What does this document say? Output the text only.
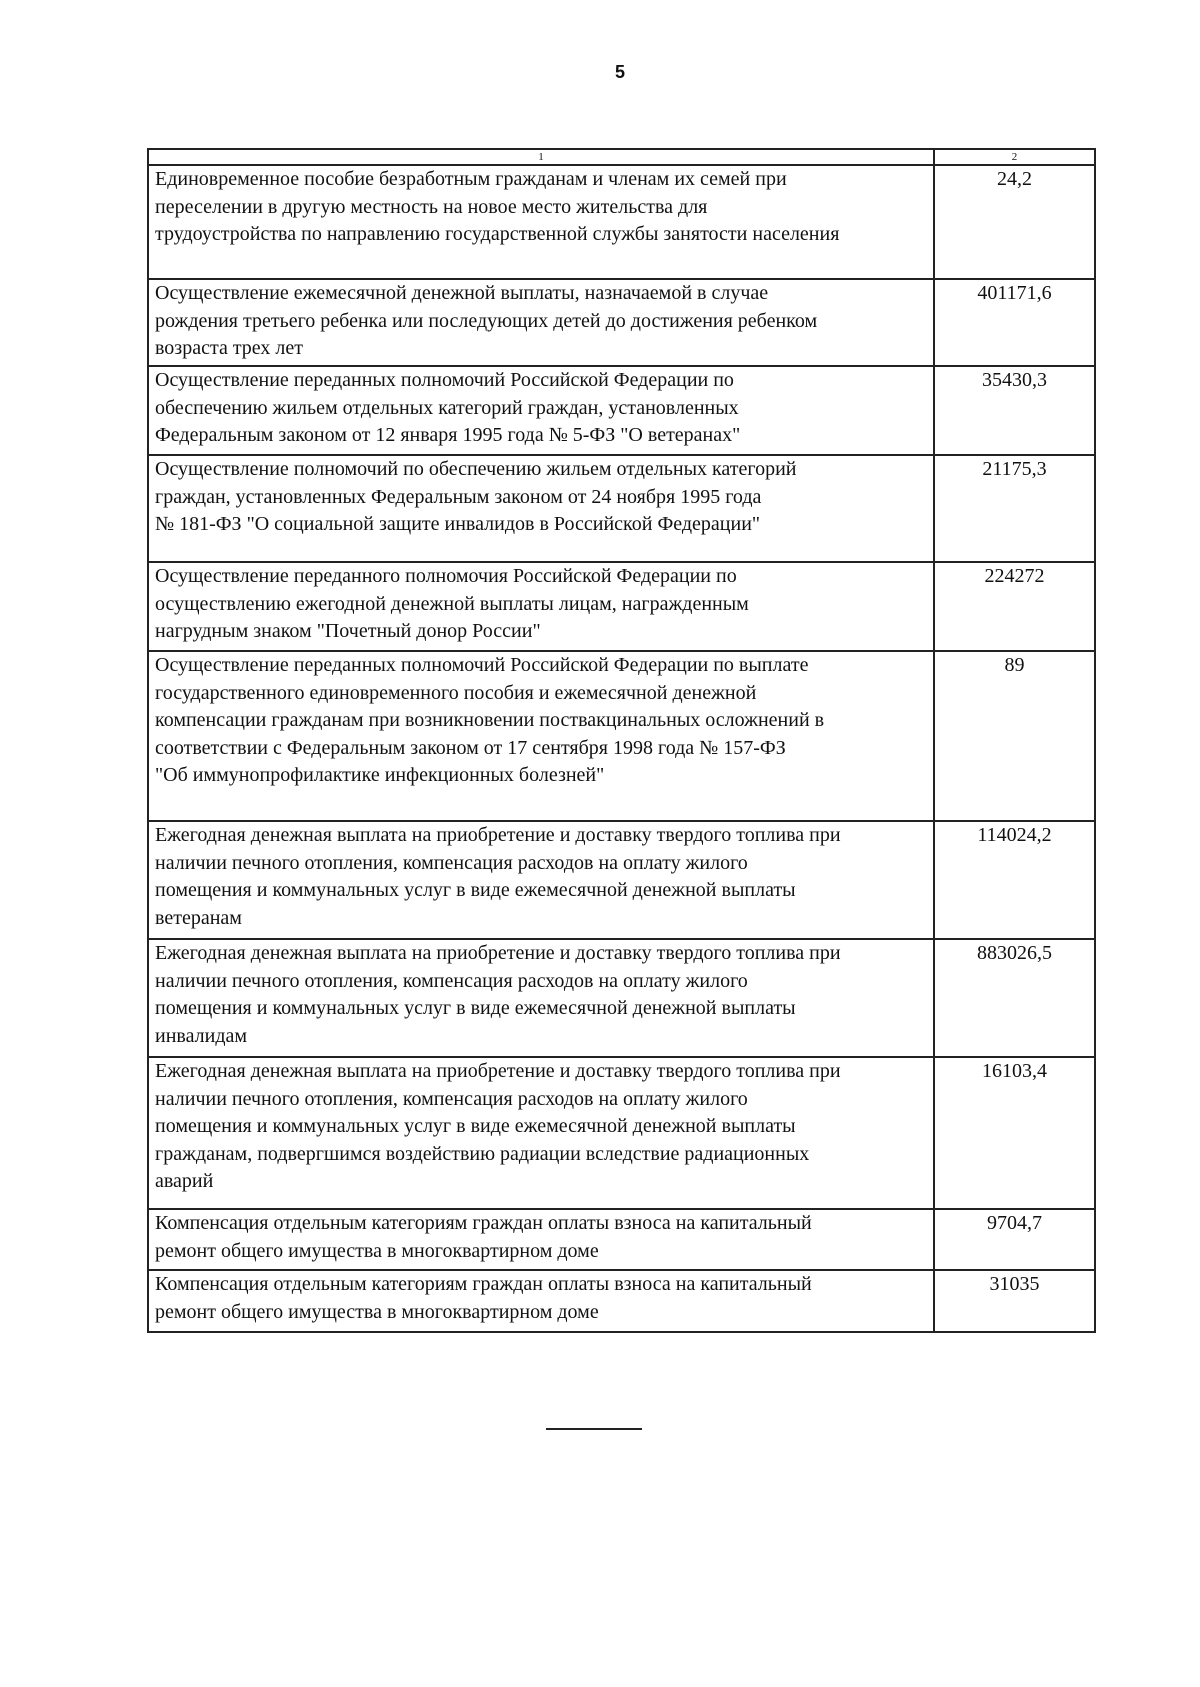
5
1	2

Единовременное пособие безработным гражданам и членам их семей при
переселении в другую местность на новое место жительства для
трудоустройства по направлению государственной службы занятости населения	24,2

Осуществление ежемесячной денежной выплаты, назначаемой в случае
рождения третьего ребенка или последующих детей до достижения ребенком
возраста трех лет	401171,6

Осуществление переданных полномочий Российской Федерации по
обеспечению жильем отдельных категорий граждан, установленных
Федеральным законом от 12 января 1995 года № 5-ФЗ "О ветеранах"	35430,3

Осуществление полномочий по обеспечению жильем отдельных категорий
граждан, установленных Федеральным законом от 24 ноября 1995 года
№ 181-ФЗ "О социальной защите инвалидов в Российской Федерации"	21175,3

Осуществление переданного полномочия Российской Федерации по
осуществлению ежегодной денежной выплаты лицам, награжденным
нагрудным знаком "Почетный донор России"	224272

Осуществление переданных полномочий Российской Федерации по выплате
государственного единовременного пособия и ежемесячной денежной
компенсации гражданам при возникновении поствакцинальных осложнений в
соответствии с Федеральным законом от 17 сентября 1998 года № 157-ФЗ
"Об иммунопрофилактике инфекционных болезней"	89

Ежегодная денежная выплата на приобретение и доставку твердого топлива при
наличии печного отопления, компенсация расходов на оплату жилого
помещения и коммунальных услуг в виде ежемесячной денежной выплаты
ветеранам	114024,2

Ежегодная денежная выплата на приобретение и доставку твердого топлива при
наличии печного отопления, компенсация расходов на оплату жилого
помещения и коммунальных услуг в виде ежемесячной денежной выплаты
инвалидам	883026,5

Ежегодная денежная выплата на приобретение и доставку твердого топлива при
наличии печного отопления, компенсация расходов на оплату жилого
помещения и коммунальных услуг в виде ежемесячной денежной выплаты
гражданам, подвергшимся воздействию радиации вследствие радиационных
аварий	16103,4

Компенсация отдельным категориям граждан оплаты взноса на капитальный
ремонт общего имущества в многоквартирном доме	9704,7

Компенсация отдельным категориям граждан оплаты взноса на капитальный
ремонт общего имущества в многоквартирном доме	31035
